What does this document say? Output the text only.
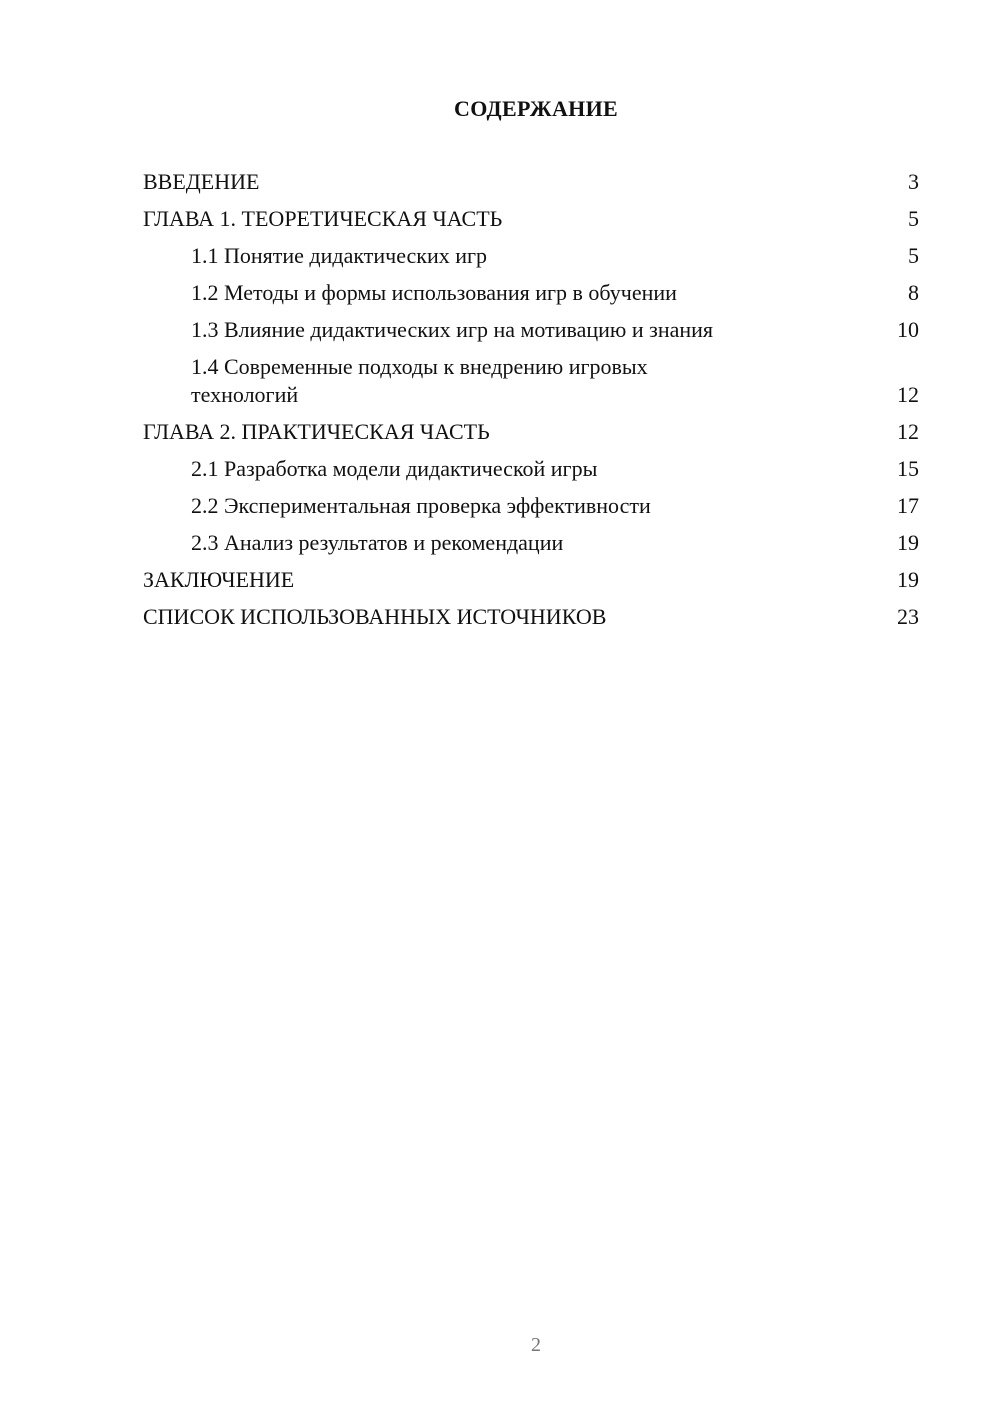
СОДЕРЖАНИЕ
ВВЕДЕНИЕ	3
ГЛАВА 1. ТЕОРЕТИЧЕСКАЯ ЧАСТЬ	5
1.1 Понятие дидактических игр	5
1.2 Методы и формы использования игр в обучении	8
1.3 Влияние дидактических игр на мотивацию и знания	10
1.4 Современные подходы к внедрению игровых технологий	12
ГЛАВА 2. ПРАКТИЧЕСКАЯ ЧАСТЬ	12
2.1 Разработка модели дидактической игры	15
2.2 Экспериментальная проверка эффективности	17
2.3 Анализ результатов и рекомендации	19
ЗАКЛЮЧЕНИЕ	19
СПИСОК ИСПОЛЬЗОВАННЫХ ИСТОЧНИКОВ	23
2
